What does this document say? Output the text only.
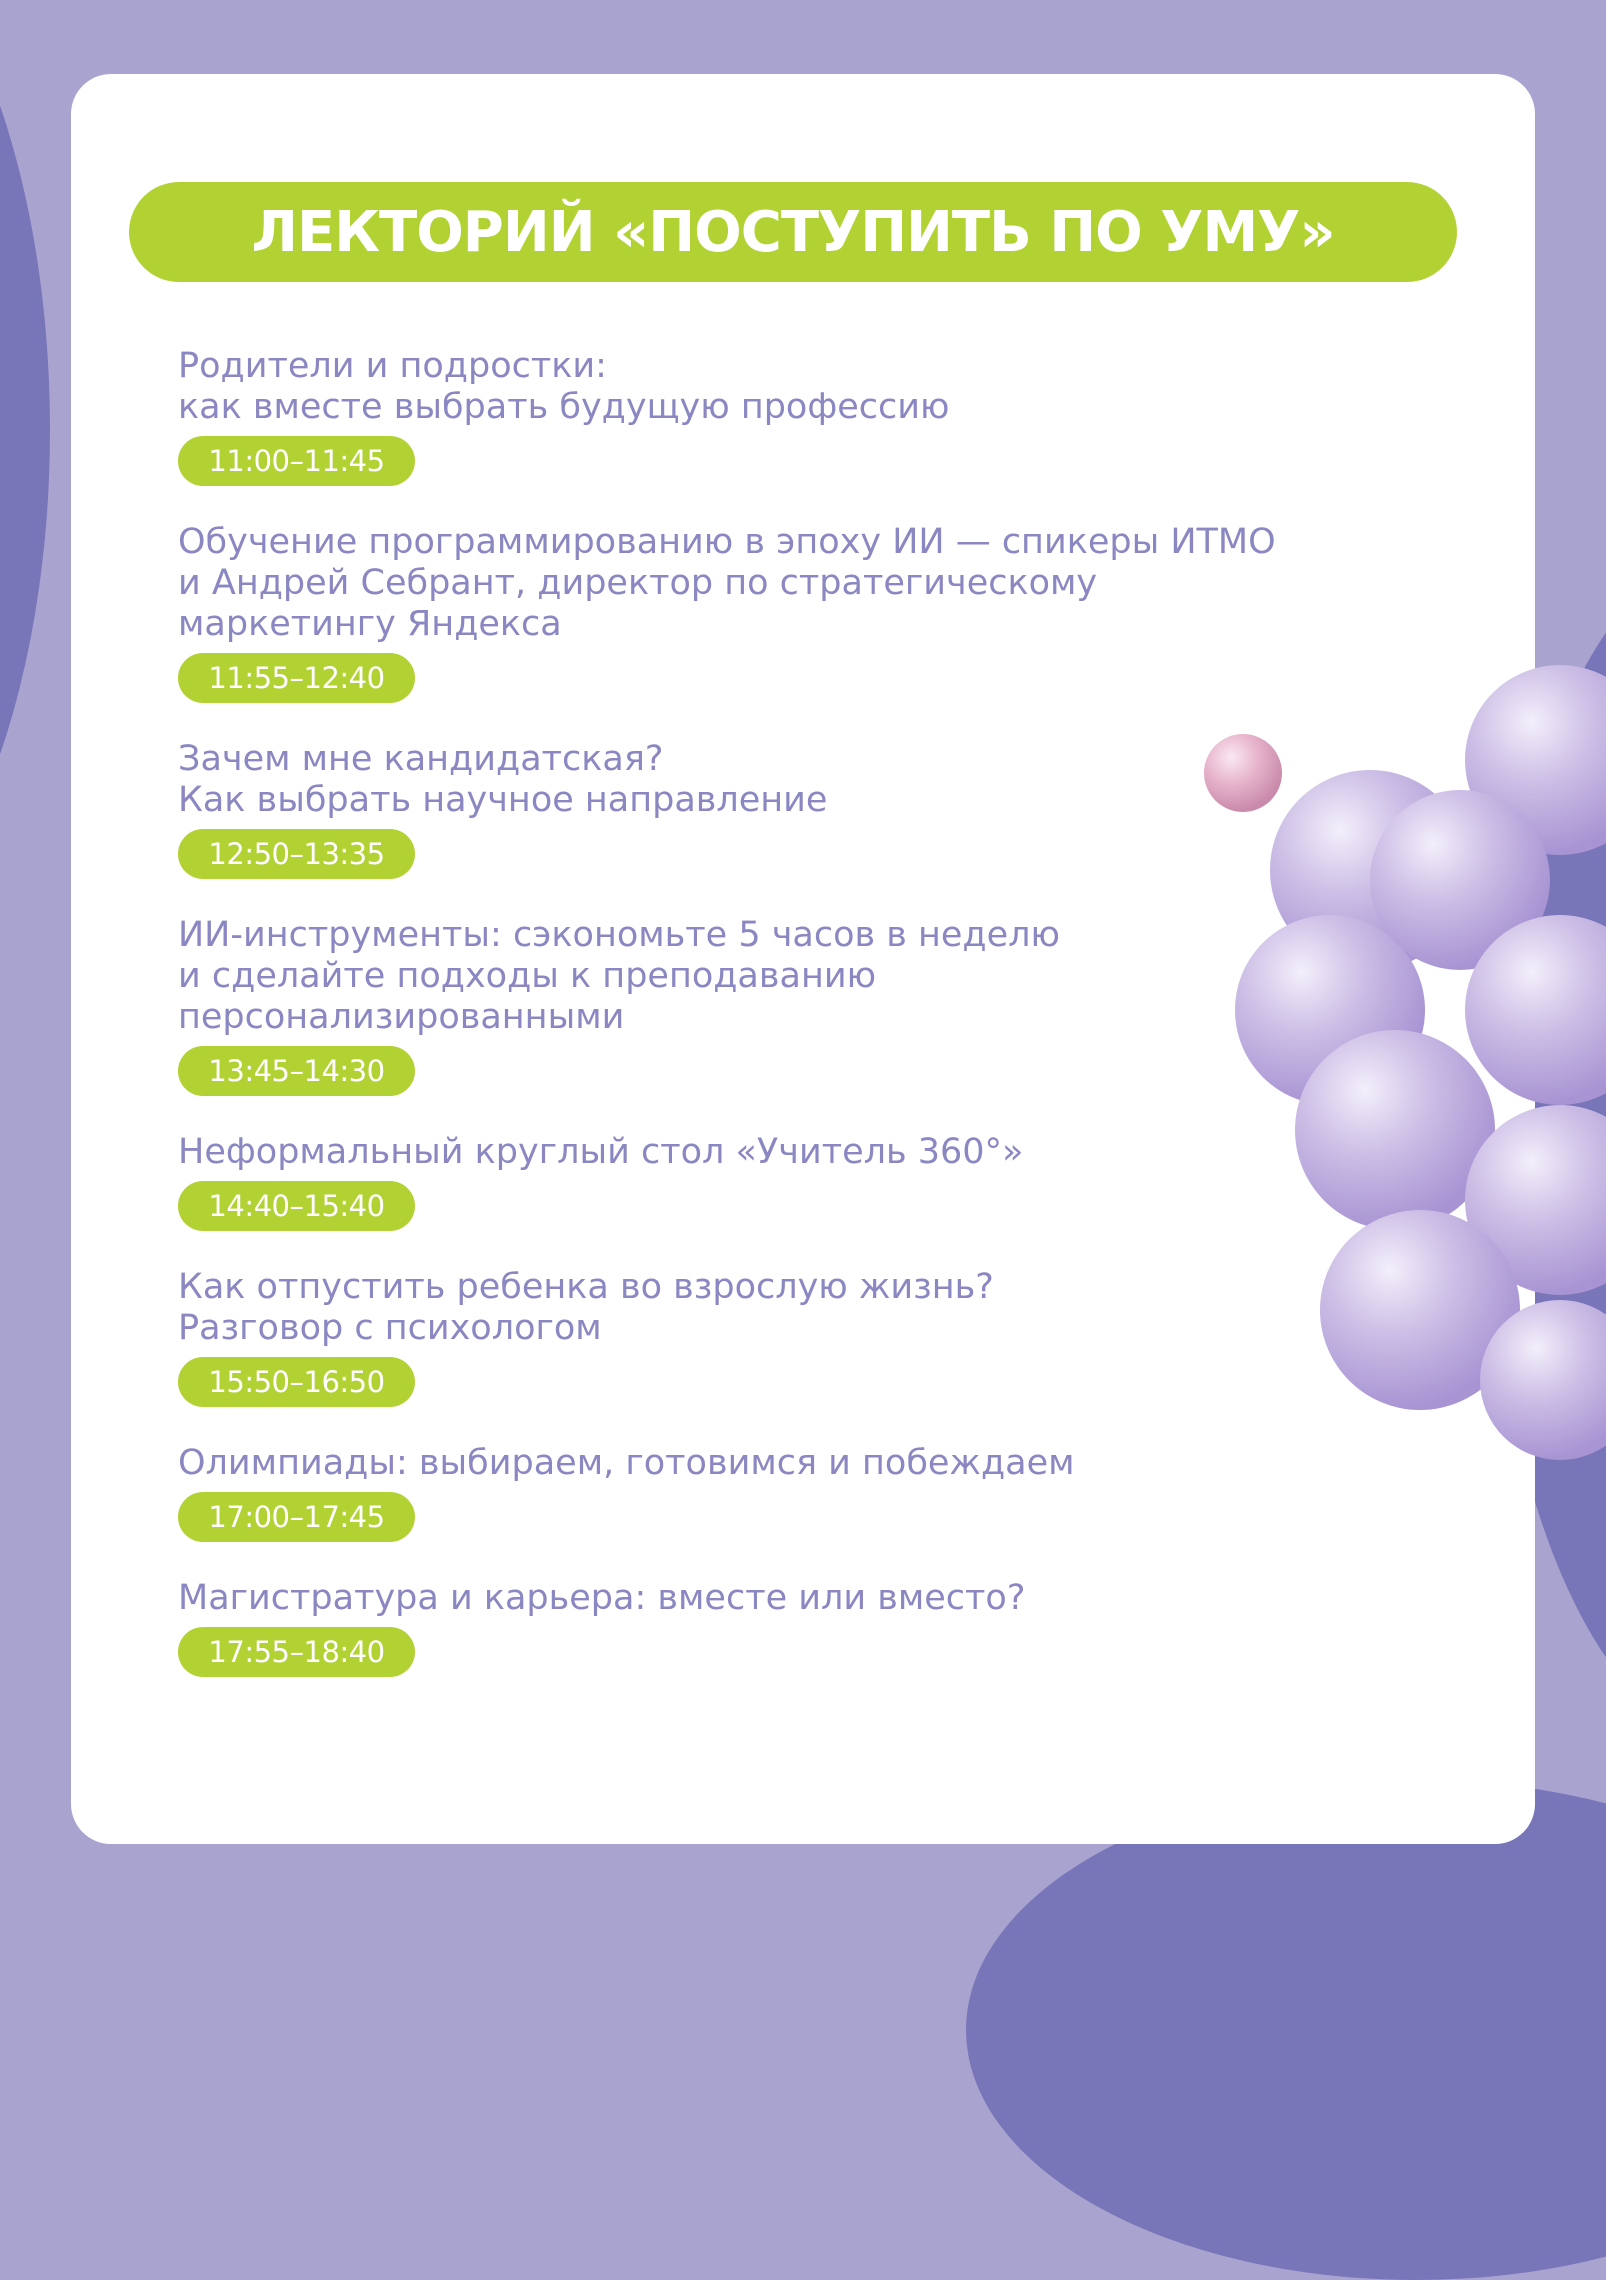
ЛЕКТОРИЙ «ПОСТУПИТЬ ПО УМУ»

Родители и подростки:
как вместе выбрать будущую профессию

11:00–11:45

Обучение программированию в эпоху ИИ — спикеры ИТМО
и Андрей Себрант, директор по стратегическому
маркетингу Яндекса

11:55–12:40

Зачем мне кандидатская?
Как выбрать научное направление

12:50–13:35

ИИ-инструменты: сэкономьте 5 часов в неделю
и сделайте подходы к преподаванию
персонализированными

13:45–14:30

Неформальный круглый стол «Учитель 360°»

14:40–15:40

Как отпустить ребенка во взрослую жизнь?
Разговор с психологом

15:50–16:50

Олимпиады: выбираем, готовимся и побеждаем

17:00–17:45

Магистратура и карьера: вместе или вместо?

17:55–18:40
